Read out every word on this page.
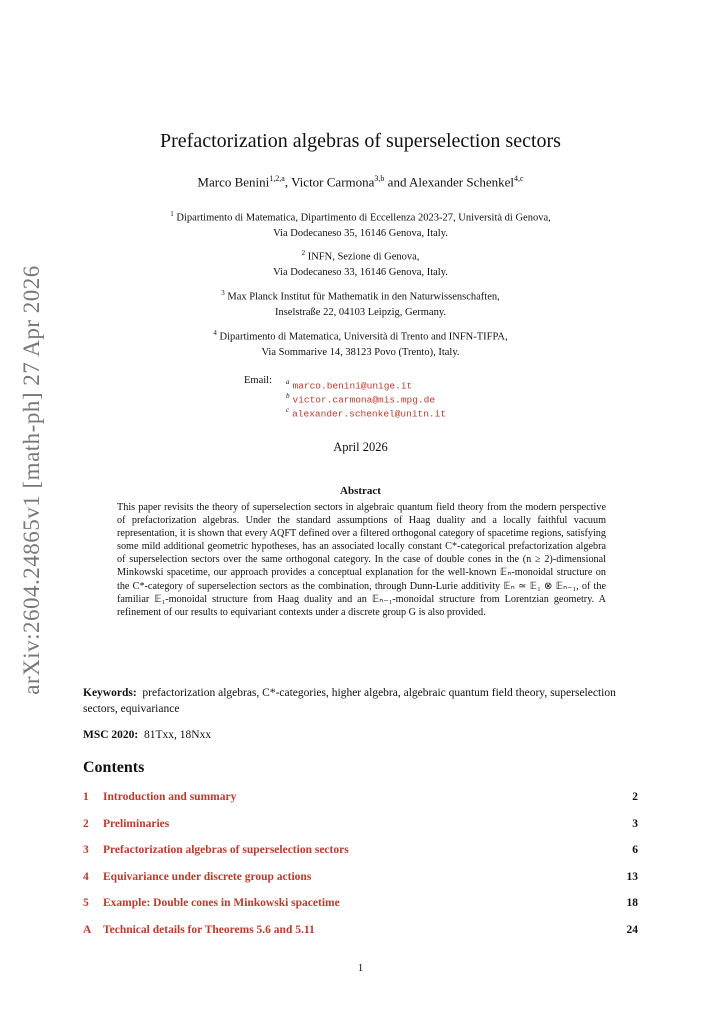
arXiv:2604.24865v1 [math-ph] 27 Apr 2026
Prefactorization algebras of superselection sectors
Marco Benini$^{1,2,a}$, Victor Carmona$^{3,b}$ and Alexander Schenkel$^{4,c}$
$^1$ Dipartimento di Matematica, Dipartimento di Eccellenza 2023-27, Università di Genova,
Via Dodecaneso 35, 16146 Genova, Italy.
$^2$ INFN, Sezione di Genova,
Via Dodecaneso 33, 16146 Genova, Italy.
$^3$ Max Planck Institut für Mathematik in den Naturwissenschaften,
Inselstraße 22, 04103 Leipzig, Germany.
$^4$ Dipartimento di Matematica, Università di Trento and INFN-TIFPA,
Via Sommarive 14, 38123 Povo (Trento), Italy.
Email: $^a$ marco.benini@unige.it
$^b$ victor.carmona@mis.mpg.de
$^c$ alexander.schenkel@unitn.it
April 2026
Abstract
This paper revisits the theory of superselection sectors in algebraic quantum field theory from the modern perspective of prefactorization algebras. Under the standard assumptions of Haag duality and a locally faithful vacuum representation, it is shown that every AQFT defined over a filtered orthogonal category of spacetime regions, satisfying some mild additional geometric hypotheses, has an associated locally constant C*-categorical prefactorization algebra of superselection sectors over the same orthogonal category. In the case of double cones in the (n ≥ 2)-dimensional Minkowski spacetime, our approach provides a conceptual explanation for the well-known 𝔼ₙ-monoidal structure on the C*-category of superselection sectors as the combination, through Dunn-Lurie additivity 𝔼ₙ ≃ 𝔼₁ ⊗ 𝔼ₙ₋₁, of the familiar 𝔼₁-monoidal structure from Haag duality and an 𝔼ₙ₋₁-monoidal structure from Lorentzian geometry. A refinement of our results to equivariant contexts under a discrete group G is also provided.
Keywords: prefactorization algebras, C*-categories, higher algebra, algebraic quantum field theory, superselection sectors, equivariance
MSC 2020: 81Txx, 18Nxx
Contents
1 Introduction and summary	2
2 Preliminaries	3
3 Prefactorization algebras of superselection sectors	6
4 Equivariance under discrete group actions	13
5 Example: Double cones in Minkowski spacetime	18
A Technical details for Theorems 5.6 and 5.11	24
1
